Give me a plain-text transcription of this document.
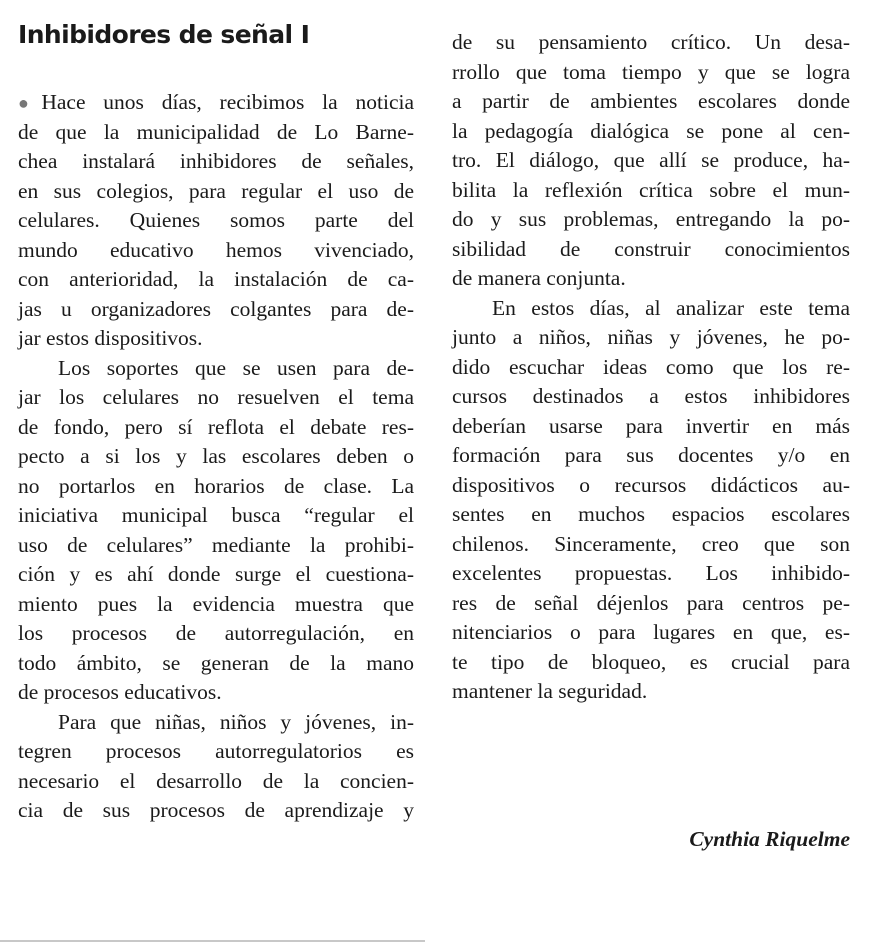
Inhibidores de señal I
●Hace unos días, recibimos la noticia
de que la municipalidad de Lo Barne-
chea instalará inhibidores de señales,
en sus colegios, para regular el uso de
celulares. Quienes somos parte del
mundo educativo hemos vivenciado,
con anterioridad, la instalación de ca-
jas u organizadores colgantes para de-
jar estos dispositivos.
Los soportes que se usen para de-
jar los celulares no resuelven el tema
de fondo, pero sí reflota el debate res-
pecto a si los y las escolares deben o
no portarlos en horarios de clase. La
iniciativa municipal busca “regular el
uso de celulares” mediante la prohibi-
ción y es ahí donde surge el cuestiona-
miento pues la evidencia muestra que
los procesos de autorregulación, en
todo ámbito, se generan de la mano
de procesos educativos.
Para que niñas, niños y jóvenes, in-
tegren procesos autorregulatorios es
necesario el desarrollo de la concien-
cia de sus procesos de aprendizaje y
de su pensamiento crítico. Un desa-
rrollo que toma tiempo y que se logra
a partir de ambientes escolares donde
la pedagogía dialógica se pone al cen-
tro. El diálogo, que allí se produce, ha-
bilita la reflexión crítica sobre el mun-
do y sus problemas, entregando la po-
sibilidad de construir conocimientos
de manera conjunta.
En estos días, al analizar este tema
junto a niños, niñas y jóvenes, he po-
dido escuchar ideas como que los re-
cursos destinados a estos inhibidores
deberían usarse para invertir en más
formación para sus docentes y/o en
dispositivos o recursos didácticos au-
sentes en muchos espacios escolares
chilenos. Sinceramente, creo que son
excelentes propuestas. Los inhibido-
res de señal déjenlos para centros pe-
nitenciarios o para lugares en que, es-
te tipo de bloqueo, es crucial para
mantener la seguridad.
Cynthia Riquelme
